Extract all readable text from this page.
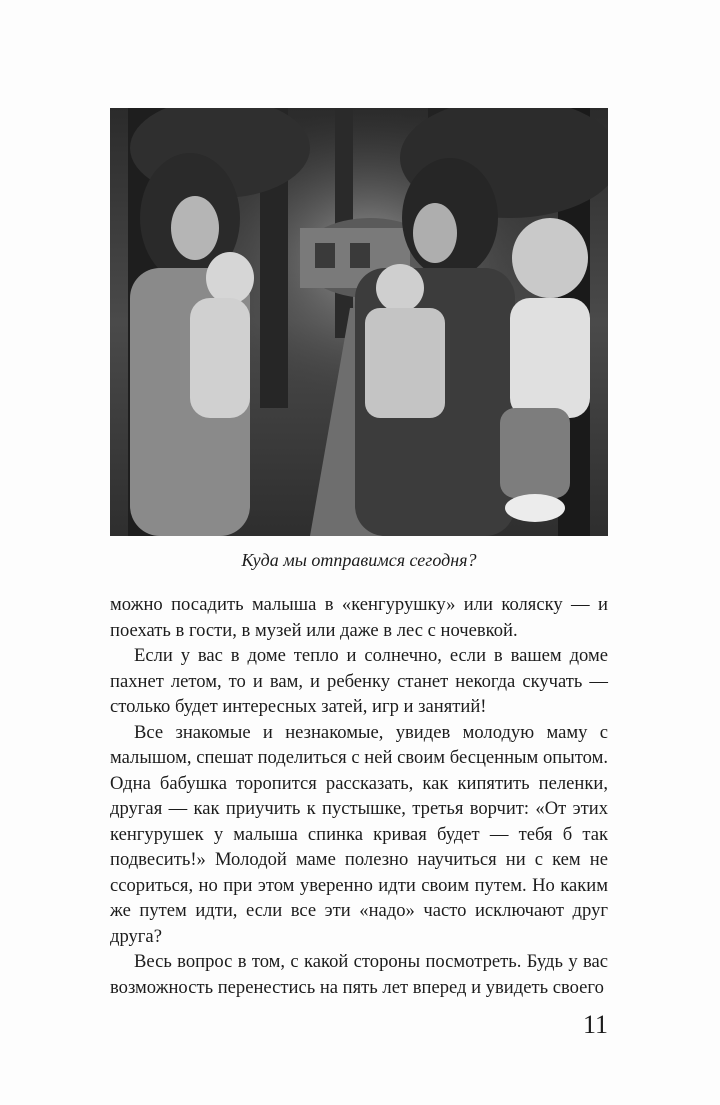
Куда мы отправимся сегодня?

можно посадить малыша в «кенгурушку» или коляску — и поехать в гости, в музей или даже в лес с ночевкой.

Если у вас в доме тепло и солнечно, если в вашем доме пахнет летом, то и вам, и ребенку станет некогда скучать — столько будет интересных затей, игр и занятий!

Все знакомые и незнакомые, увидев молодую маму с малышом, спешат поделиться с ней своим бесценным опытом. Одна бабушка торопится рассказать, как кипятить пеленки, другая — как приучить к пустышке, третья ворчит: «От этих кенгурушек у малыша спинка кривая будет — тебя б так подвесить!» Молодой маме полезно научиться ни с кем не ссориться, но при этом уверенно идти своим путем. Но каким же путем идти, если все эти «надо» часто исключают друг друга?

Весь вопрос в том, с какой стороны посмотреть. Будь у вас возможность перенестись на пять лет вперед и увидеть своего

11
